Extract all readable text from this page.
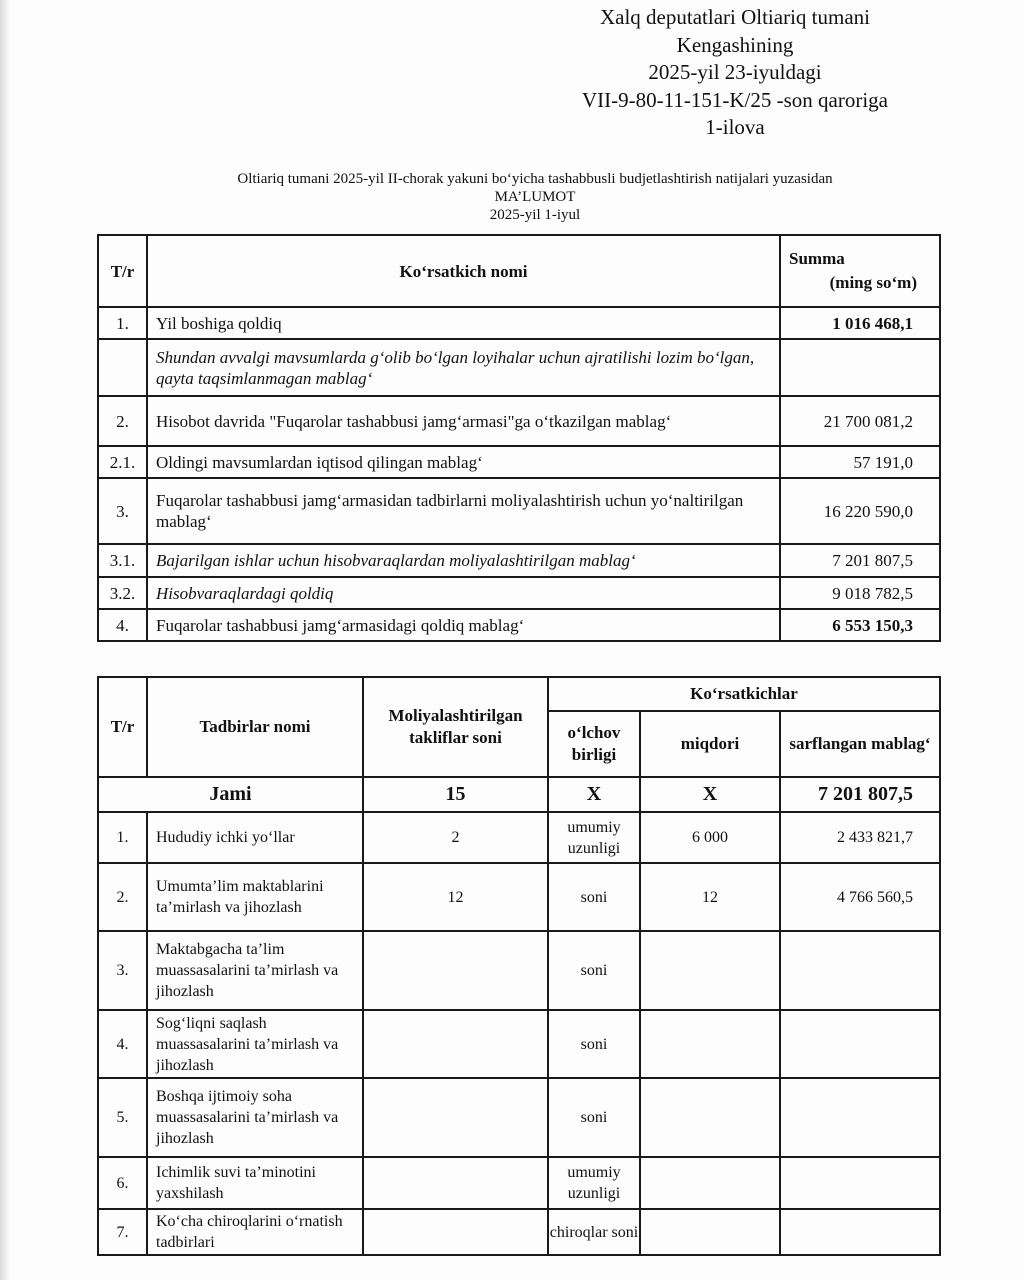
Xalq deputatlari Oltiariq tumani
Kengashining
2025-yil 23-iyuldagi
VII-9-80-11-151-K/25 -son qaroriga
1-ilova
Oltiariq tumani 2025-yil II-chorak yakuni bo‘yicha tashabbusli budjetlashtirish natijalari yuzasidan
MA’LUMOT
2025-yil 1-iyul
T/r	Ko‘rsatkich nomi	Summa
(ming so‘m)

1.	Yil boshiga qoldiq	1 016 468,1
	Shundan avvalgi mavsumlarda g‘olib bo‘lgan loyihalar uchun ajratilishi lozim bo‘lgan, qayta taqsimlanmagan mablag‘	
2.	Hisobot davrida "Fuqarolar tashabbusi jamg‘armasi"ga o‘tkazilgan mablag‘	21 700 081,2
2.1.	Oldingi mavsumlardan iqtisod qilingan mablag‘	57 191,0
3.	Fuqarolar tashabbusi jamg‘armasidan tadbirlarni moliyalashtirish uchun yo‘naltirilgan mablag‘	16 220 590,0
3.1.	Bajarilgan ishlar uchun hisobvaraqlardan moliyalashtirilgan mablag‘	7 201 807,5
3.2.	Hisobvaraqlardagi qoldiq	9 018 782,5
4.	Fuqarolar tashabbusi jamg‘armasidagi qoldiq mablag‘	6 553 150,3
T/r	Tadbirlar nomi	Moliyalashtirilgan takliflar soni	Ko‘rsatkichlar		
			o‘lchov birligi	miqdori	sarflangan mablag‘
Jami		15	X	X	7 201 807,5
1.	Hududiy ichki yo‘llar	2	umumiy uzunligi	6 000	2 433 821,7
2.	Umumta’lim maktablarini ta’mirlash va jihozlash	12	soni	12	4 766 560,5
3.	Maktabgacha ta’lim muassasalarini ta’mirlash va jihozlash		soni		
4.	Sog‘liqni saqlash muassasalarini ta’mirlash va jihozlash		soni		
5.	Boshqa ijtimoiy soha muassasalarini ta’mirlash va jihozlash		soni		
6.	Ichimlik suvi ta’minotini yaxshilash		umumiy uzunligi		
7.	Ko‘cha chiroqlarini o‘rnatish tadbirlari		chiroqlar soni		
